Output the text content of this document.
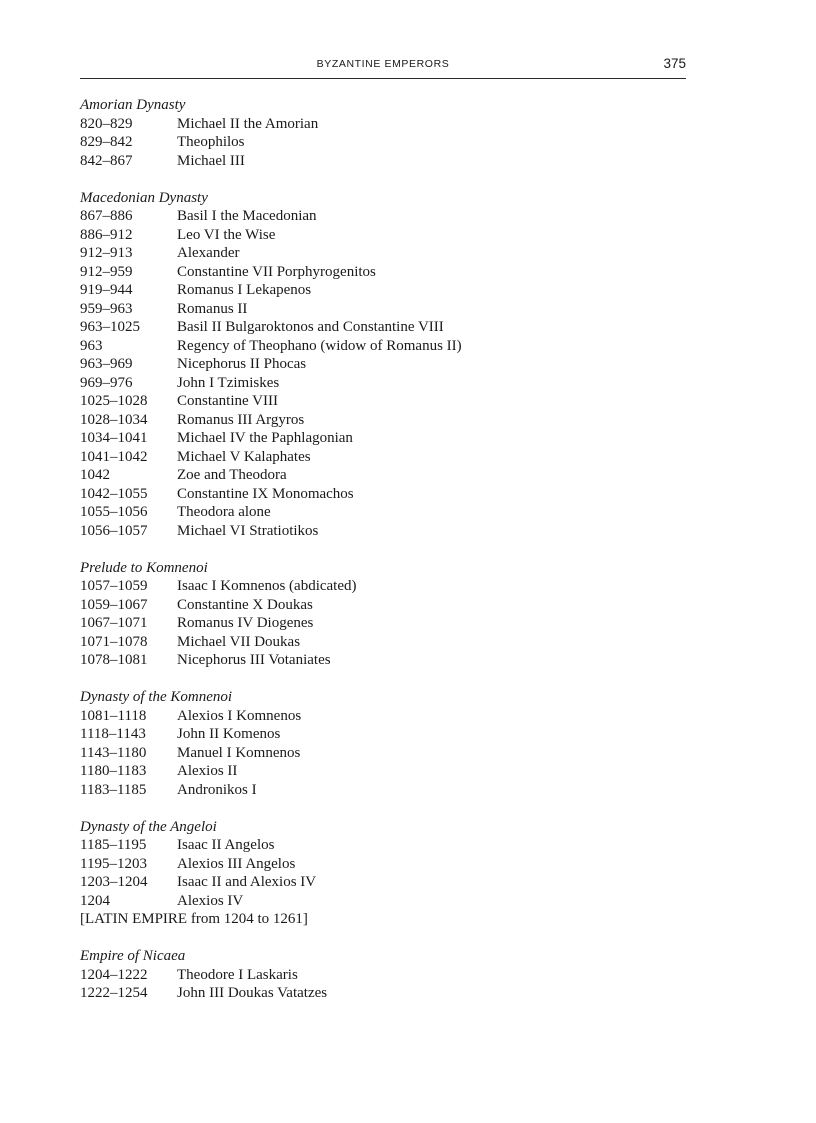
BYZANTINE EMPERORS	375
Amorian Dynasty
820–829	Michael II the Amorian
829–842	Theophilos
842–867	Michael III
Macedonian Dynasty
867–886	Basil I the Macedonian
886–912	Leo VI the Wise
912–913	Alexander
912–959	Constantine VII Porphyrogenitos
919–944	Romanus I Lekapenos
959–963	Romanus II
963–1025	Basil II Bulgaroktonos and Constantine VIII
963	Regency of Theophano (widow of Romanus II)
963–969	Nicephorus II Phocas
969–976	John I Tzimiskes
1025–1028	Constantine VIII
1028–1034	Romanus III Argyros
1034–1041	Michael IV the Paphlagonian
1041–1042	Michael V Kalaphates
1042	Zoe and Theodora
1042–1055	Constantine IX Monomachos
1055–1056	Theodora alone
1056–1057	Michael VI Stratiotikos
Prelude to Komnenoi
1057–1059	Isaac I Komnenos (abdicated)
1059–1067	Constantine X Doukas
1067–1071	Romanus IV Diogenes
1071–1078	Michael VII Doukas
1078–1081	Nicephorus III Votaniates
Dynasty of the Komnenoi
1081–1118	Alexios I Komnenos
1118–1143	John II Komenos
1143–1180	Manuel I Komnenos
1180–1183	Alexios II
1183–1185	Andronikos I
Dynasty of the Angeloi
1185–1195	Isaac II Angelos
1195–1203	Alexios III Angelos
1203–1204	Isaac II and Alexios IV
1204	Alexios IV
[LATIN EMPIRE from 1204 to 1261]
Empire of Nicaea
1204–1222	Theodore I Laskaris
1222–1254	John III Doukas Vatatzes
